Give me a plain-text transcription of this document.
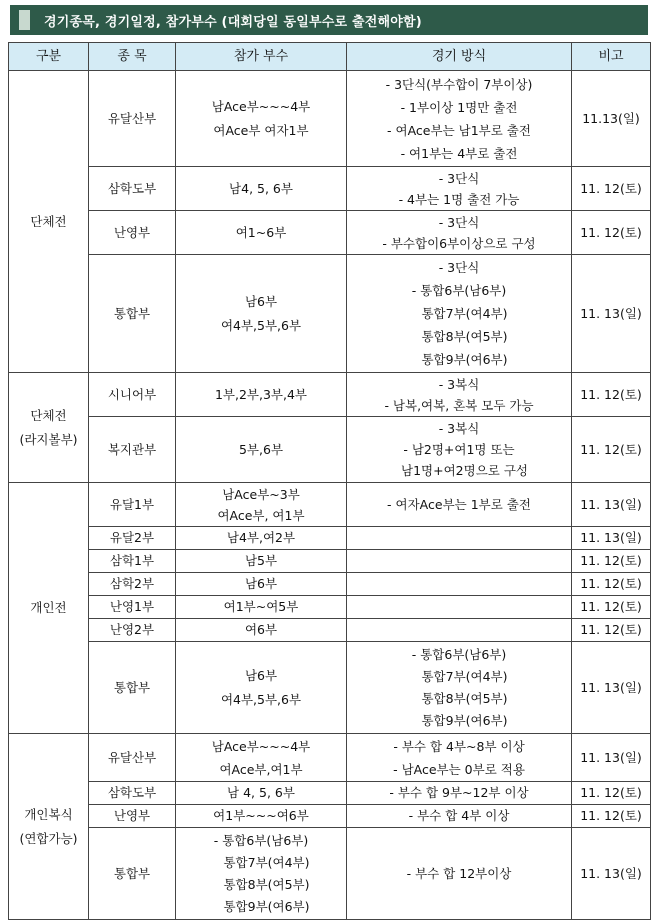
경기종목, 경기일정, 참가부수 (대회당일 동일부수로 출전해야함)
구분	종 목	참가 부수	경기 방식	비고

단체전	유달산부	남Ace부~~~4부
여Ace부 여자1부	- 3단식(부수합이 7부이상)
- 1부이상 1명만 출전
- 여Ace부는 남1부로 출전
- 여1부는 4부로 출전	11.13(일)
	삼학도부	남4, 5, 6부	- 3단식
- 4부는 1명 출전 가능	11. 12(토)
	난영부	여1~6부	- 3단식
- 부수합이6부이상으로 구성	11. 12(토)
	통합부	남6부
여4부,5부,6부	- 3단식
- 통합6부(남6부)
통합7부(여4부)
통합8부(여5부)
통합9부(여6부)	11. 13(일)

단체전
(라지볼부)	시니어부	1부,2부,3부,4부	- 3복식
- 남복,여복, 혼복 모두 가능	11. 12(토)
	복지관부	5부,6부	- 3복식
- 남2명+여1명 또는
남1명+여2명으로 구성	11. 12(토)

개인전	유달1부	남Ace부~3부
여Ace부, 여1부	- 여자Ace부는 1부로 출전	11. 13(일)
	유달2부	남4부,여2부		11. 13(일)
	삼학1부	남5부		11. 12(토)
	삼학2부	남6부		11. 12(토)
	난영1부	여1부~여5부		11. 12(토)
	난영2부	여6부		11. 12(토)
	통합부	남6부
여4부,5부,6부	- 통합6부(남6부)
통합7부(여4부)
통합8부(여5부)
통합9부(여6부)	11. 13(일)

개인복식
(연합가능)	유달산부	남Ace부~~~4부
여Ace부,여1부	- 부수 합 4부~8부 이상
- 남Ace부는 0부로 적용	11. 13(일)
	삼학도부	남 4, 5, 6부	- 부수 합 9부~12부 이상	11. 12(토)
	난영부	여1부~~~여6부	- 부수 합 4부 이상	11. 12(토)
	통합부	- 통합6부(남6부)
통합7부(여4부)
통합8부(여5부)
통합9부(여6부)	- 부수 합 12부이상	11. 13(일)
